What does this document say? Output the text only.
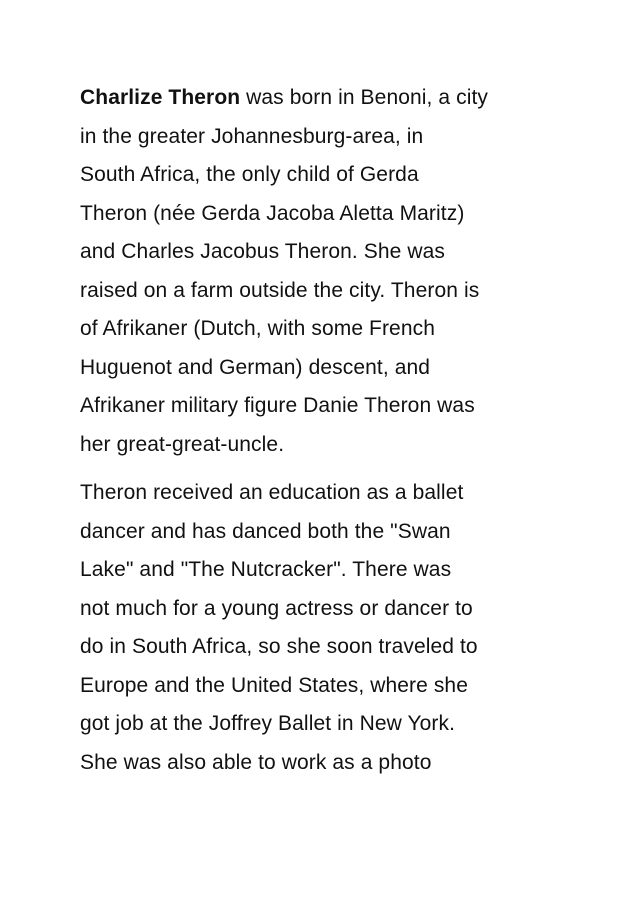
Charlize Theron was born in Benoni, a city
in the greater Johannesburg-area, in
South Africa, the only child of Gerda
Theron (née Gerda Jacoba Aletta Maritz)
and Charles Jacobus Theron. She was
raised on a farm outside the city. Theron is
of Afrikaner (Dutch, with some French
Huguenot and German) descent, and
Afrikaner military figure Danie Theron was
her great-great-uncle.

Theron received an education as a ballet
dancer and has danced both the "Swan
Lake" and "The Nutcracker". There was
not much for a young actress or dancer to
do in South Africa, so she soon traveled to
Europe and the United States, where she
got job at the Joffrey Ballet in New York.
She was also able to work as a photo
